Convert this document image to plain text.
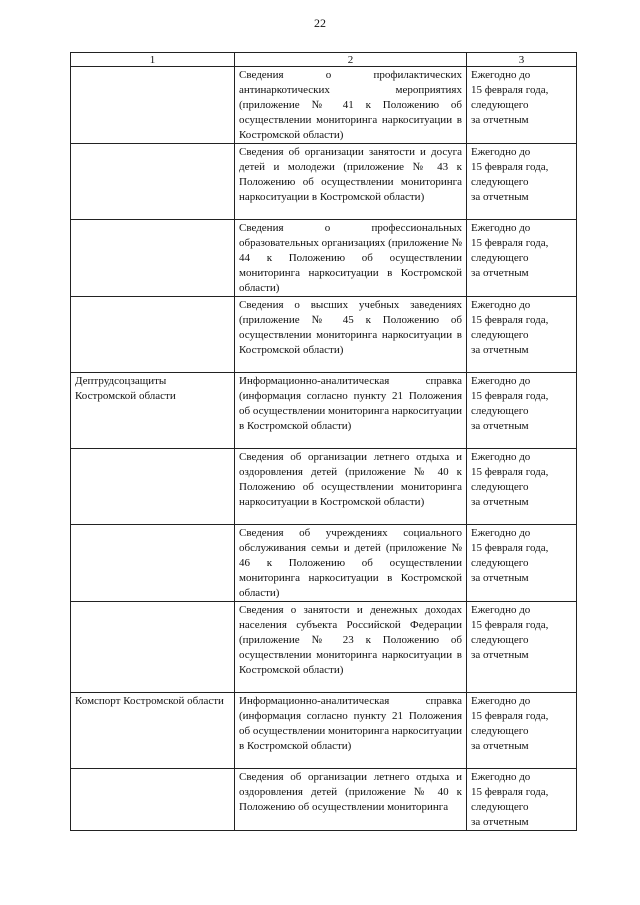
22
1	2	3
	Сведения о профилактических антинаркотических мероприятиях (приложение № 41 к Положению об осуществлении мониторинга наркоситуации в Костромской области)	Ежегодно до
15 февраля года,
следующего
за отчетным
	Сведения об организации занятости и досуга детей и молодежи (приложение № 43 к Положению об осуществлении мониторинга наркоситуации в Костромской области)	Ежегодно до
15 февраля года,
следующего
за отчетным
	Сведения о профессиональных образовательных организациях (приложение № 44 к Положению об осуществлении мониторинга наркоситуации в Костромской области)	Ежегодно до
15 февраля года,
следующего
за отчетным
	Сведения о высших учебных заведениях (приложение № 45 к Положению об осуществлении мониторинга наркоситуации в Костромской области)	Ежегодно до
15 февраля года,
следующего
за отчетным
Дептрудсоцзащиты Костромской области	Информационно-аналитическая справка (информация согласно пункту 21 Положения об осуществлении мониторинга наркоситуации в Костромской области)	Ежегодно до
15 февраля года,
следующего
за отчетным
	Сведения об организации летнего отдыха и оздоровления детей (приложение № 40 к Положению об осуществлении мониторинга наркоситуации в Костромской области)	Ежегодно до
15 февраля года,
следующего
за отчетным
	Сведения об учреждениях социального обслуживания семьи и детей (приложение № 46 к Положению об осуществлении мониторинга наркоситуации в Костромской области)	Ежегодно до
15 февраля года,
следующего
за отчетным
	Сведения о занятости и денежных доходах населения субъекта Российской Федерации (приложение № 23 к Положению об осуществлении мониторинга наркоситуации в Костромской области)	Ежегодно до
15 февраля года,
следующего
за отчетным
Комспорт Костромской области	Информационно-аналитическая справка (информация согласно пункту 21 Положения об осуществлении мониторинга наркоситуации в Костромской области)	Ежегодно до
15 февраля года,
следующего
за отчетным
	Сведения об организации летнего отдыха и оздоровления детей (приложение № 40 к Положению об осуществлении мониторинга	Ежегодно до
15 февраля года,
следующего
за отчетным
